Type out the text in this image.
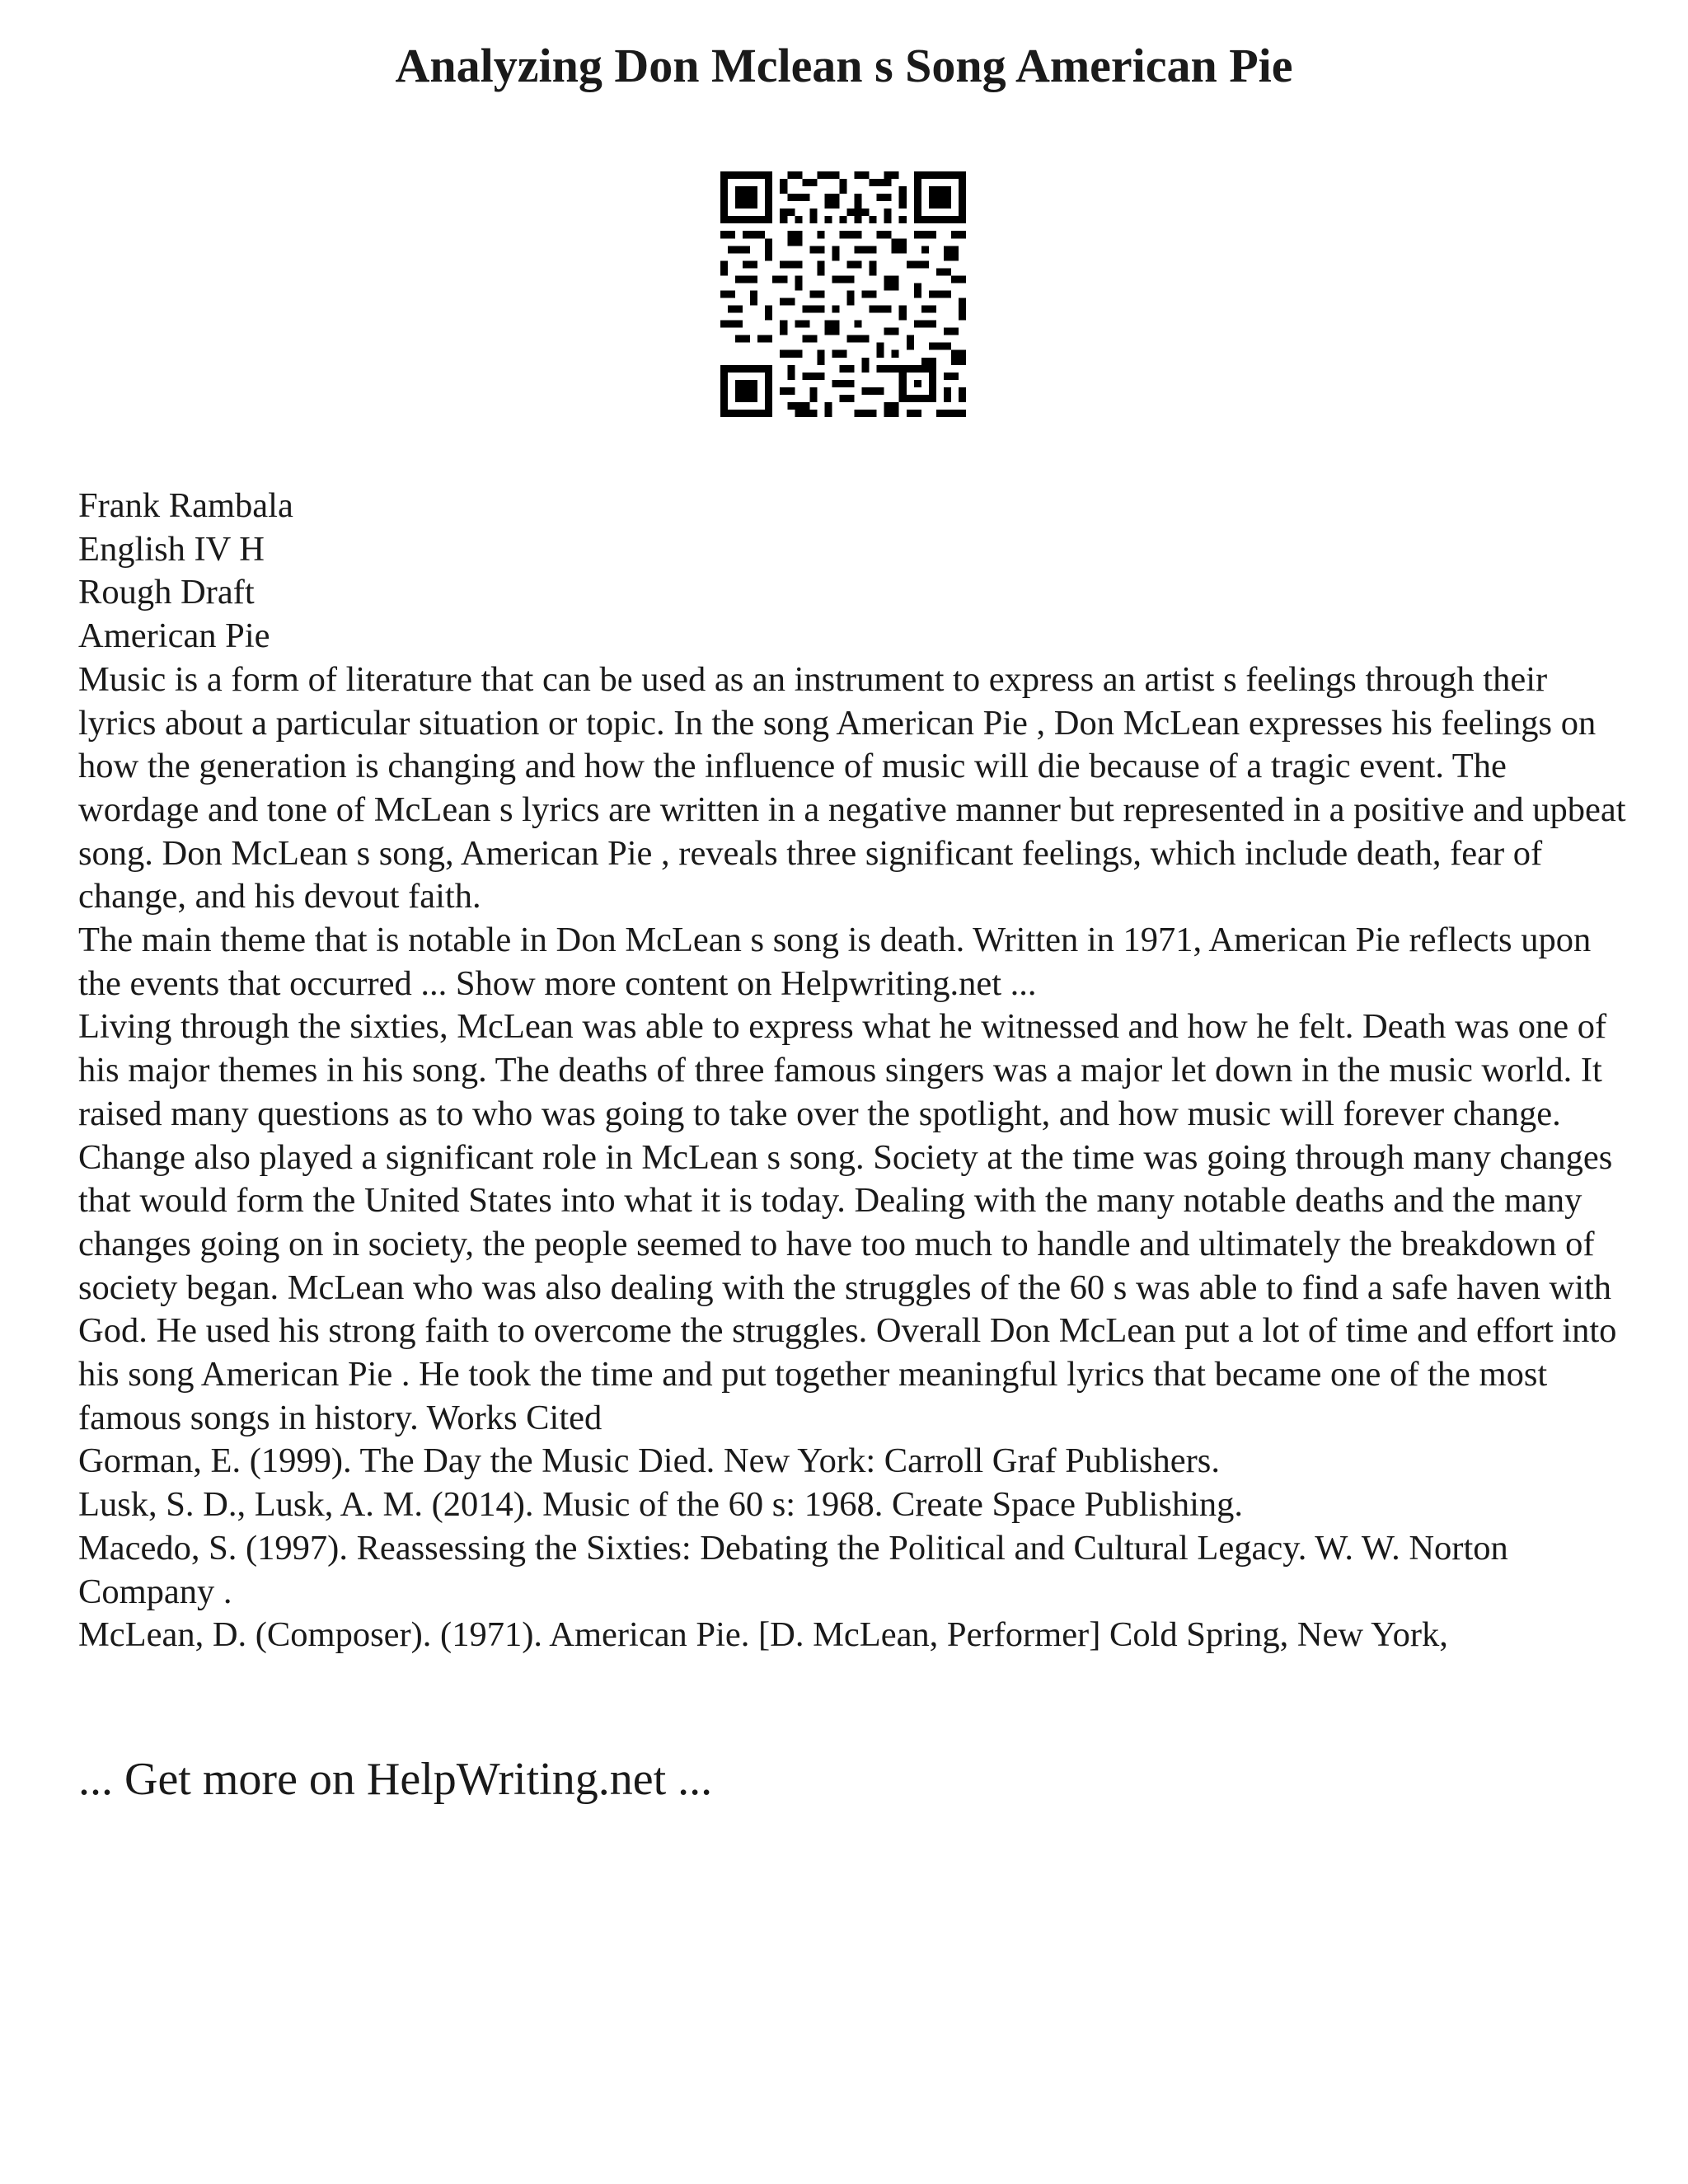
Analyzing Don Mclean s Song American Pie

Frank Rambala

English IV H

Rough Draft

American Pie

Music is a form of literature that can be used as an instrument to express an artist s feelings through their lyrics about a particular situation or topic. In the song American Pie , Don McLean expresses his feelings on how the generation is changing and how the influence of music will die because of a tragic event. The wordage and tone of McLean s lyrics are written in a negative manner but represented in a positive and upbeat song. Don McLean s song, American Pie , reveals three significant feelings, which include death, fear of change, and his devout faith.

The main theme that is notable in Don McLean s song is death. Written in 1971, American Pie reflects upon the events that occurred ... Show more content on Helpwriting.net ...

Living through the sixties, McLean was able to express what he witnessed and how he felt. Death was one of his major themes in his song. The deaths of three famous singers was a major let down in the music world. It raised many questions as to who was going to take over the spotlight, and how music will forever change. Change also played a significant role in McLean s song. Society at the time was going through many changes that would form the United States into what it is today. Dealing with the many notable deaths and the many changes going on in society, the people seemed to have too much to handle and ultimately the breakdown of society began. McLean who was also dealing with the struggles of the 60 s was able to find a safe haven with God. He used his strong faith to overcome the struggles. Overall Don McLean put a lot of time and effort into his song American Pie . He took the time and put together meaningful lyrics that became one of the most famous songs in history. Works Cited

Gorman, E. (1999). The Day the Music Died. New York: Carroll Graf Publishers.

Lusk, S. D., Lusk, A. M. (2014). Music of the 60 s: 1968. Create Space Publishing.

Macedo, S. (1997). Reassessing the Sixties: Debating the Political and Cultural Legacy. W. W. Norton Company .

McLean, D. (Composer). (1971). American Pie. [D. McLean, Performer] Cold Spring, New York,

... Get more on HelpWriting.net ...
